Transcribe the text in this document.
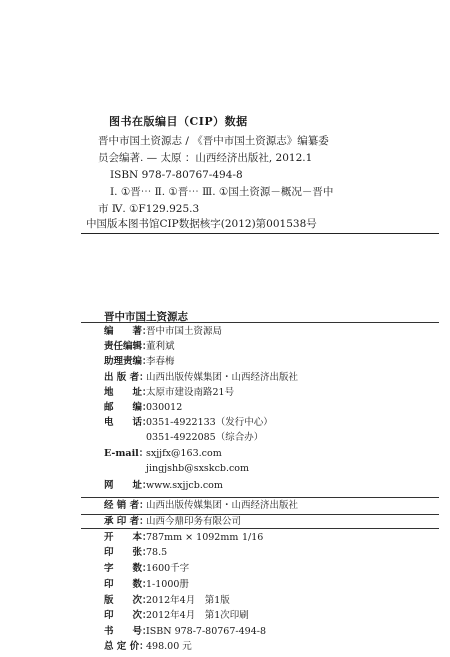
图书在版编目（CIP）数据
晋中市国土资源志 / 《晋中市国土资源志》编纂委
员会编著. — 太原 ：山西经济出版社, 2012.1
ISBN 978-7-80767-494-8
Ⅰ. ①晋⋯ Ⅱ. ①晋⋯ Ⅲ. ①国土资源－概况－晋中
市 Ⅳ. ①F129.925.3
中国版本图书馆CIP数据核字(2012)第001538号
晋中市国土资源志
编　　著：晋中市国土资源局
责任编辑：董利斌
助理责编：李春梅
出 版 者：山西出版传媒集团・山西经济出版社
地　　址：太原市建设南路21号
邮　　编：030012
电　　话：0351-4922133（发行中心）
0351-4922085（综合办）
E-mail：sxjjfx@163.com
jingjshb@sxskcb.com
网　　址：www.sxjjcb.com
经 销 者：山西出版传媒集团・山西经济出版社
承 印 者：山西今鼎印务有限公司
开　　本：787mm × 1092mm 1/16
印　　张：78.5
字　　数：1600千字
印　　数：1-1000册
版　　次：2012年4月　第1版
印　　次：2012年4月　第1次印刷
书　　号：ISBN 978-7-80767-494-8
总 定 价：498.00 元
